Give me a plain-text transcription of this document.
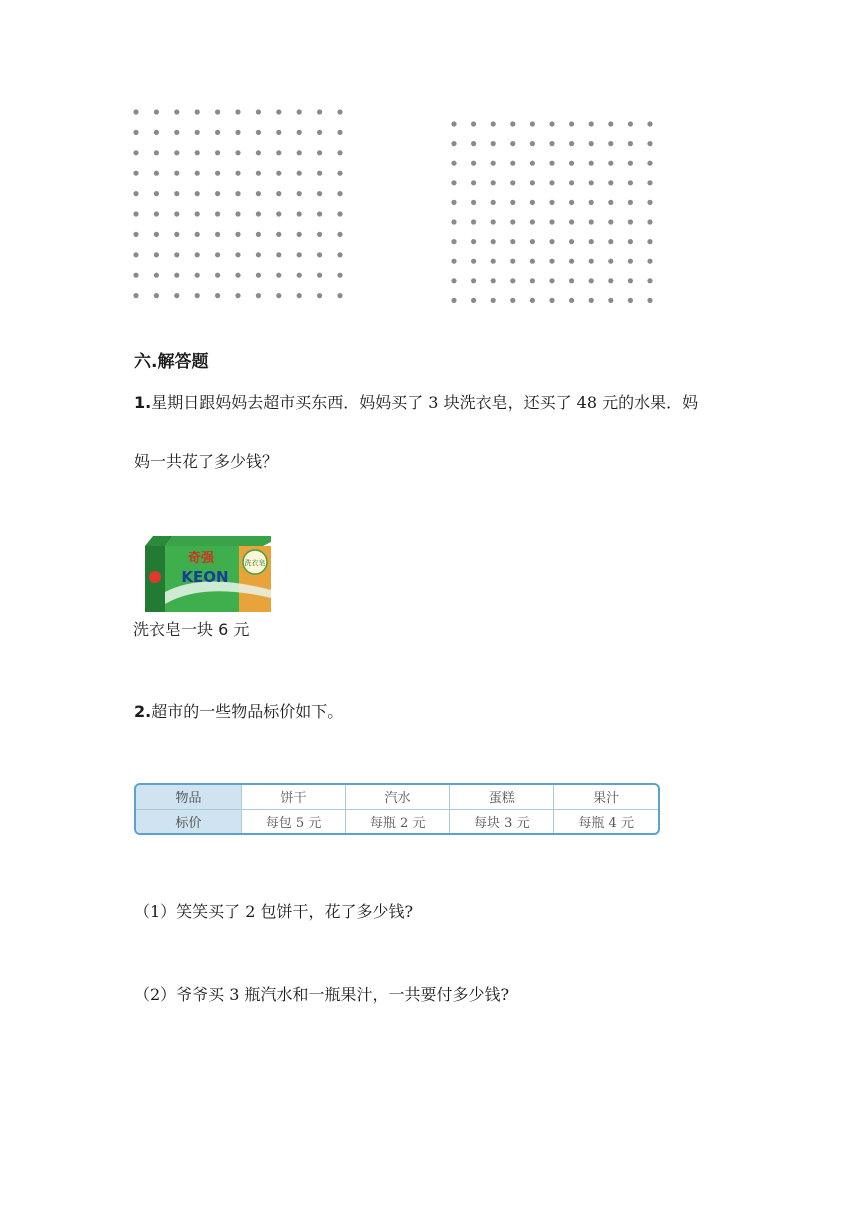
六.解答题
1.星期日跟妈妈去超市买东西．妈妈买了 3 块洗衣皂，还买了 48 元的水果．妈
妈一共花了多少钱？
洗衣皂
奇强
KEON
洗衣皂一块 6 元
2.超市的一些物品标价如下。
物品	饼干	汽水	蛋糕	果汁
标价	每包 5 元	每瓶 2 元	每块 3 元	每瓶 4 元
（1）笑笑买了 2 包饼干，花了多少钱?
（2）爷爷买 3 瓶汽水和一瓶果汁，一共要付多少钱?
